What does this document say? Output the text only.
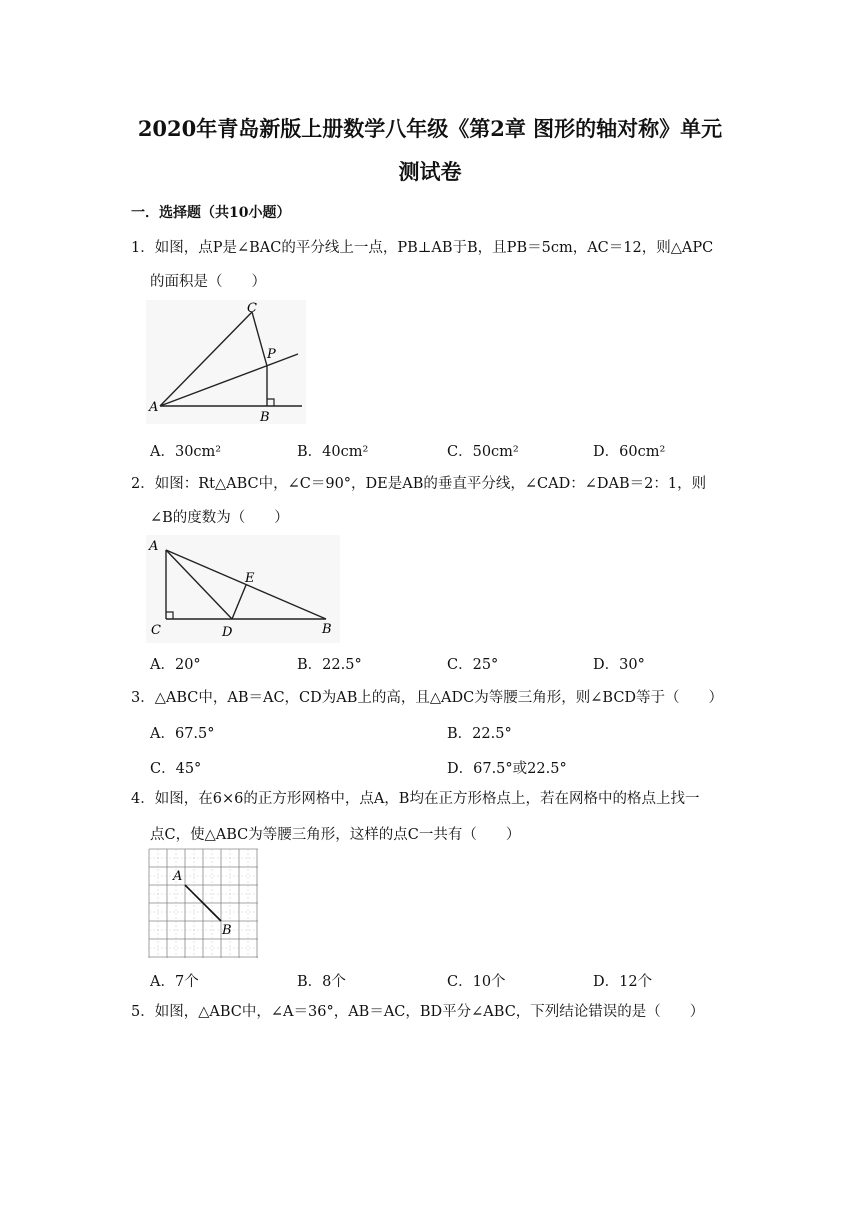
2020年青岛新版上册数学八年级《第2章 图形的轴对称》单元
测试卷
一．选择题（共10小题）
1．如图，点P是∠BAC的平分线上一点，PB⊥AB于B，且PB＝5cm，AC＝12，则△APC
的面积是（　　）
C
P
A
B
A．30cm²	B．40cm²	C．50cm²	D．60cm²
2．如图：Rt△ABC中，∠C＝90°，DE是AB的垂直平分线，∠CAD：∠DAB＝2：1，则
∠B的度数为（　　）
A
E
C	D	B
A．20°	B．22.5°	C．25°	D．30°
3．△ABC中，AB＝AC，CD为AB上的高，且△ADC为等腰三角形，则∠BCD等于（　　）
A．67.5°	B．22.5°
C．45°	D．67.5°或22.5°
4．如图，在6×6的正方形网格中，点A，B均在正方形格点上，若在网格中的格点上找一
点C，使△ABC为等腰三角形，这样的点C一共有（　　）
A
B
A．7个	B．8个	C．10个	D．12个
5．如图，△ABC中，∠A＝36°，AB＝AC，BD平分∠ABC，下列结论错误的是（　　）
